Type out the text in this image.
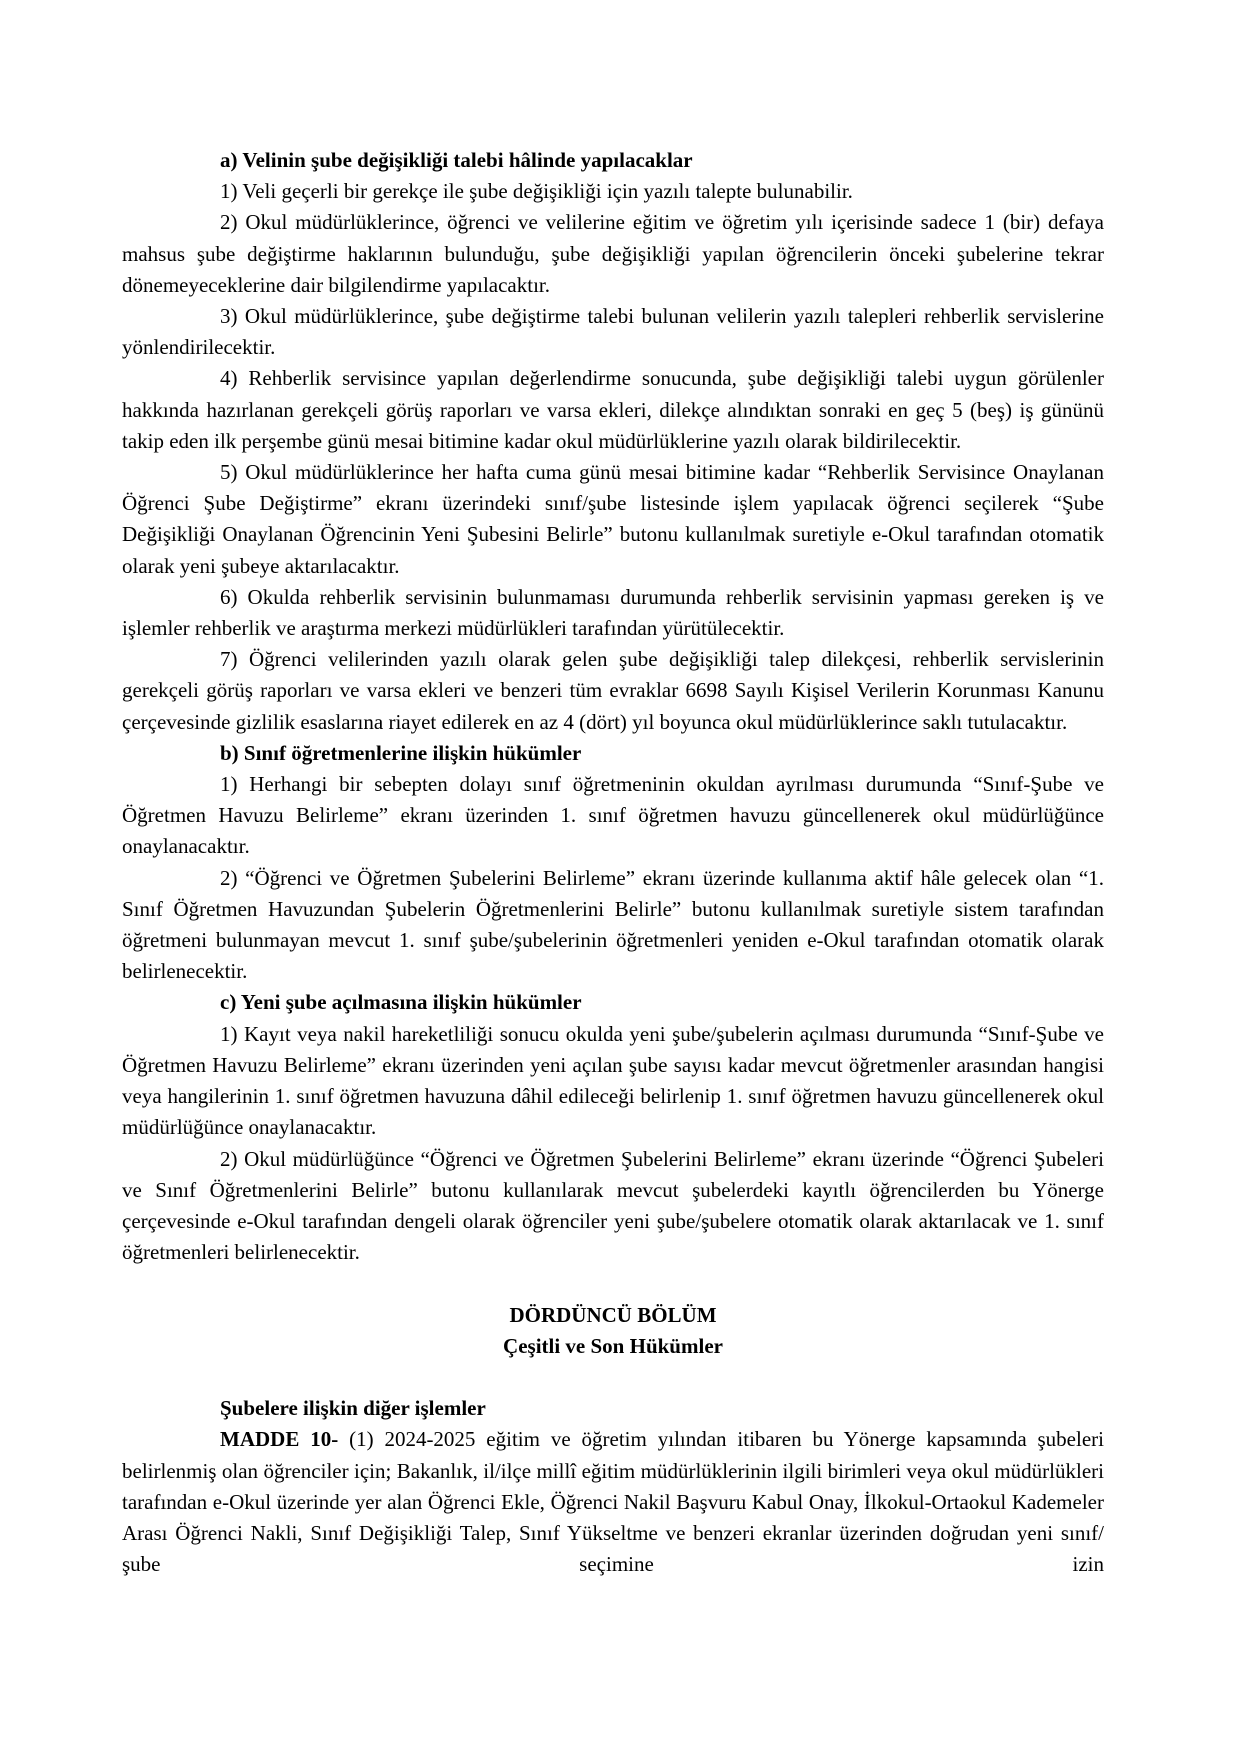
a) Velinin şube değişikliği talebi hâlinde yapılacaklar

1) Veli geçerli bir gerekçe ile şube değişikliği için yazılı talepte bulunabilir.

2) Okul müdürlüklerince, öğrenci ve velilerine eğitim ve öğretim yılı içerisinde sadece 1 (bir) defaya mahsus şube değiştirme haklarının bulunduğu, şube değişikliği yapılan öğrencilerin önceki şubelerine tekrar dönemeyeceklerine dair bilgilendirme yapılacaktır.

3) Okul müdürlüklerince, şube değiştirme talebi bulunan velilerin yazılı talepleri rehberlik servislerine yönlendirilecektir.

4) Rehberlik servisince yapılan değerlendirme sonucunda, şube değişikliği talebi uygun görülenler hakkında hazırlanan gerekçeli görüş raporları ve varsa ekleri, dilekçe alındıktan sonraki en geç 5 (beş) iş gününü takip eden ilk perşembe günü mesai bitimine kadar okul müdürlüklerine yazılı olarak bildirilecektir.

5) Okul müdürlüklerince her hafta cuma günü mesai bitimine kadar “Rehberlik Servisince Onaylanan Öğrenci Şube Değiştirme” ekranı üzerindeki sınıf/şube listesinde işlem yapılacak öğrenci seçilerek “Şube Değişikliği Onaylanan Öğrencinin Yeni Şubesini Belirle” butonu kullanılmak suretiyle e-Okul tarafından otomatik olarak yeni şubeye aktarılacaktır.

6) Okulda rehberlik servisinin bulunmaması durumunda rehberlik servisinin yapması gereken iş ve işlemler rehberlik ve araştırma merkezi müdürlükleri tarafından yürütülecektir.

7) Öğrenci velilerinden yazılı olarak gelen şube değişikliği talep dilekçesi, rehberlik servislerinin gerekçeli görüş raporları ve varsa ekleri ve benzeri tüm evraklar 6698 Sayılı Kişisel Verilerin Korunması Kanunu çerçevesinde gizlilik esaslarına riayet edilerek en az 4 (dört) yıl boyunca okul müdürlüklerince saklı tutulacaktır.

b) Sınıf öğretmenlerine ilişkin hükümler

1) Herhangi bir sebepten dolayı sınıf öğretmeninin okuldan ayrılması durumunda “Sınıf-Şube ve Öğretmen Havuzu Belirleme” ekranı üzerinden 1. sınıf öğretmen havuzu güncellenerek okul müdürlüğünce onaylanacaktır.

2) “Öğrenci ve Öğretmen Şubelerini Belirleme” ekranı üzerinde kullanıma aktif hâle gelecek olan “1. Sınıf Öğretmen Havuzundan Şubelerin Öğretmenlerini Belirle” butonu kullanılmak suretiyle sistem tarafından öğretmeni bulunmayan mevcut 1. sınıf şube/şubelerinin öğretmenleri yeniden e-Okul tarafından otomatik olarak belirlenecektir.

c) Yeni şube açılmasına ilişkin hükümler

1) Kayıt veya nakil hareketliliği sonucu okulda yeni şube/şubelerin açılması durumunda “Sınıf-Şube ve Öğretmen Havuzu Belirleme” ekranı üzerinden yeni açılan şube sayısı kadar mevcut öğretmenler arasından hangisi veya hangilerinin 1. sınıf öğretmen havuzuna dâhil edileceği belirlenip 1. sınıf öğretmen havuzu güncellenerek okul müdürlüğünce onaylanacaktır.

2) Okul müdürlüğünce “Öğrenci ve Öğretmen Şubelerini Belirleme” ekranı üzerinde “Öğrenci Şubeleri ve Sınıf Öğretmenlerini Belirle” butonu kullanılarak mevcut şubelerdeki kayıtlı öğrencilerden bu Yönerge çerçevesinde e-Okul tarafından dengeli olarak öğrenciler yeni şube/şubelere otomatik olarak aktarılacak ve 1. sınıf öğretmenleri belirlenecektir.

DÖRDÜNCÜ BÖLÜM

Çeşitli ve Son Hükümler

Şubelere ilişkin diğer işlemler

MADDE 10- (1) 2024-2025 eğitim ve öğretim yılından itibaren bu Yönerge kapsamında şubeleri belirlenmiş olan öğrenciler için; Bakanlık, il/ilçe millî eğitim müdürlüklerinin ilgili birimleri veya okul müdürlükleri tarafından e-Okul üzerinde yer alan Öğrenci Ekle, Öğrenci Nakil Başvuru Kabul Onay, İlkokul-Ortaokul Kademeler Arası Öğrenci Nakli, Sınıf Değişikliği Talep, Sınıf Yükseltme ve benzeri ekranlar üzerinden doğrudan yeni sınıf/şube seçimine izin
